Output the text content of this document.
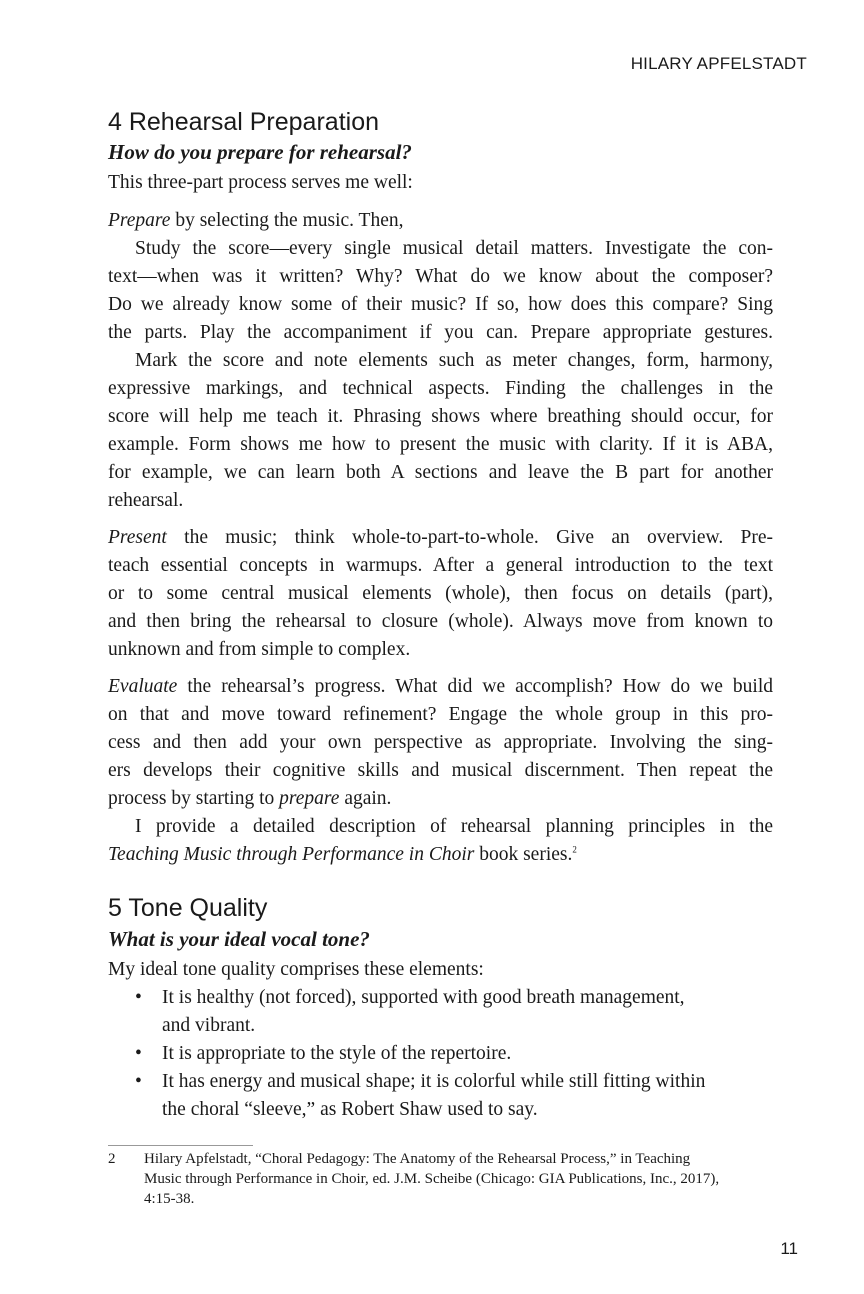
HILARY APFELSTADT
4 Rehearsal Preparation
How do you prepare for rehearsal?
This three-part process serves me well:
Prepare by selecting the music. Then,
Study the score—every single musical detail matters. Investigate the con-
text—when was it written? Why? What do we know about the composer?
Do we already know some of their music? If so, how does this compare? Sing
the parts. Play the accompaniment if you can. Prepare appropriate gestures.
Mark the score and note elements such as meter changes, form, harmony,
expressive markings, and technical aspects. Finding the challenges in the
score will help me teach it. Phrasing shows where breathing should occur, for
example. Form shows me how to present the music with clarity. If it is ABA,
for example, we can learn both A sections and leave the B part for another
rehearsal.
Present the music; think whole-to-part-to-whole. Give an overview. Pre-
teach essential concepts in warmups. After a general introduction to the text
or to some central musical elements (whole), then focus on details (part),
and then bring the rehearsal to closure (whole). Always move from known to
unknown and from simple to complex.
Evaluate the rehearsal’s progress. What did we accomplish? How do we build
on that and move toward refinement? Engage the whole group in this pro-
cess and then add your own perspective as appropriate. Involving the sing-
ers develops their cognitive skills and musical discernment. Then repeat the
process by starting to prepare again.
I provide a detailed description of rehearsal planning principles in the
Teaching Music through Performance in Choir book series.$^2$
5 Tone Quality
What is your ideal vocal tone?
My ideal tone quality comprises these elements:
• It is healthy (not forced), supported with good breath management,
and vibrant.
• It is appropriate to the style of the repertoire.
• It has energy and musical shape; it is colorful while still fitting within
the choral “sleeve,” as Robert Shaw used to say.
2 Hilary Apfelstadt, “Choral Pedagogy: The Anatomy of the Rehearsal Process,” in Teaching
Music through Performance in Choir, ed. J.M. Scheibe (Chicago: GIA Publications, Inc., 2017),
4:15-38.
11
